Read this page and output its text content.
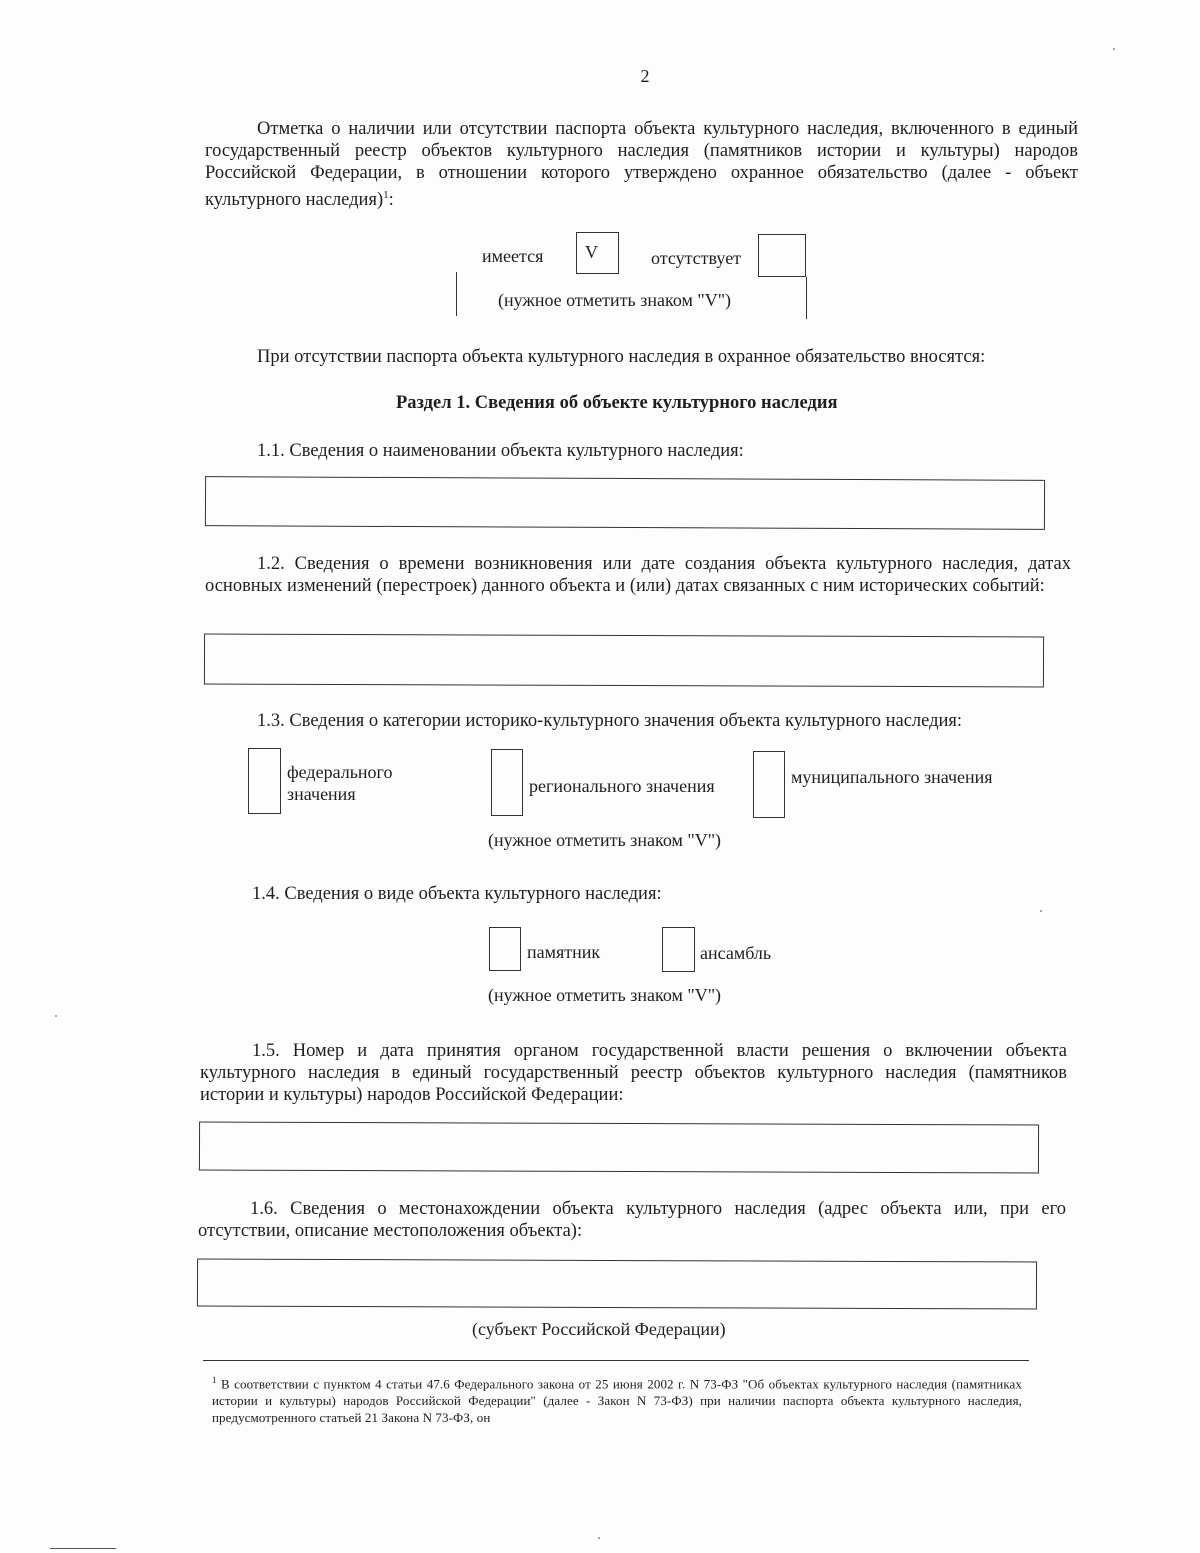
2
Отметка о наличии или отсутствии паспорта объекта культурного наследия, включенного в единый государственный реестр объектов культурного наследия (памятников истории и культуры) народов Российской Федерации, в отношении которого утверждено охранное обязательство (далее - объект культурного наследия)$^1$:
имеется V	отсутствует
(нужное отметить знаком "V")
При отсутствии паспорта объекта культурного наследия в охранное обязательство вносятся:
Раздел 1. Сведения об объекте культурного наследия
1.1. Сведения о наименовании объекта культурного наследия:
1.2. Сведения о времени возникновения или дате создания объекта культурного наследия, датах основных изменений (перестроек) данного объекта и (или) датах связанных с ним исторических событий:
1.3. Сведения о категории историко-культурного значения объекта культурного наследия:
федерального
значения	регионального значения	муниципального значения
(нужное отметить знаком "V")
1.4. Сведения о виде объекта культурного наследия:
памятник	ансамбль
(нужное отметить знаком "V")
1.5. Номер и дата принятия органом государственной власти решения о включении объекта культурного наследия в единый государственный реестр объектов культурного наследия (памятников истории и культуры) народов Российской Федерации:
1.6. Сведения о местонахождении объекта культурного наследия (адрес объекта или, при его отсутствии, описание местоположения объекта):
(субъект Российской Федерации)
$^1$ В соответствии с пунктом 4 статьи 47.6 Федерального закона от 25 июня 2002 г. N 73-ФЗ "Об объектах культурного наследия (памятниках истории и культуры) народов Российской Федерации" (далее - Закон N 73-ФЗ) при наличии паспорта объекта культурного наследия, предусмотренного статьей 21 Закона N 73-ФЗ, он
